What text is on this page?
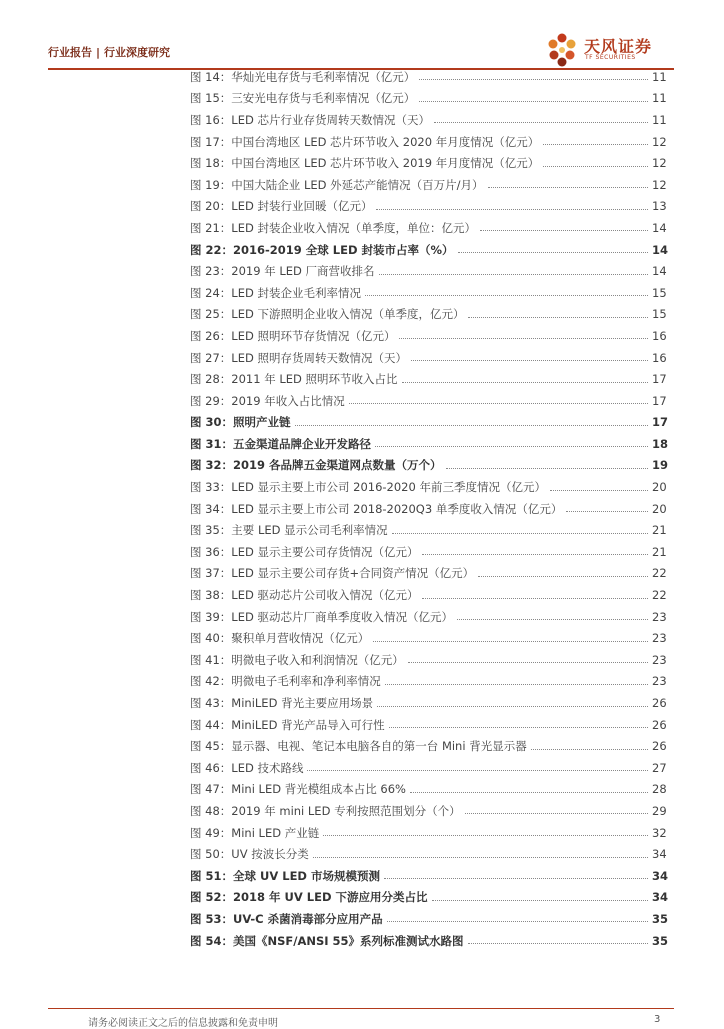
行业报告 | 行业深度研究	天风证券
TF SECURITIES
图 14：华灿光电存货与毛利率情况（亿元）	11
图 15：三安光电存货与毛利率情况（亿元）	11
图 16：LED 芯片行业存货周转天数情况（天）	11
图 17：中国台湾地区 LED 芯片环节收入 2020 年月度情况（亿元）	12
图 18：中国台湾地区 LED 芯片环节收入 2019 年月度情况（亿元）	12
图 19：中国大陆企业 LED 外延芯产能情况（百万片/月）	12
图 20：LED 封装行业回暖（亿元）	13
图 21：LED 封装企业收入情况（单季度，单位：亿元）	14
图 22：2016-2019 全球 LED 封装市占率（%）	14
图 23：2019 年 LED 厂商营收排名	14
图 24：LED 封装企业毛利率情况	15
图 25：LED 下游照明企业收入情况（单季度，亿元）	15
图 26：LED 照明环节存货情况（亿元）	16
图 27：LED 照明存货周转天数情况（天）	16
图 28：2011 年 LED 照明环节收入占比	17
图 29：2019 年收入占比情况	17
图 30：照明产业链	17
图 31：五金渠道品牌企业开发路径	18
图 32：2019 各品牌五金渠道网点数量（万个）	19
图 33：LED 显示主要上市公司 2016-2020 年前三季度情况（亿元）	20
图 34：LED 显示主要上市公司 2018-2020Q3 单季度收入情况（亿元）	20
图 35：主要 LED 显示公司毛利率情况	21
图 36：LED 显示主要公司存货情况（亿元）	21
图 37：LED 显示主要公司存货+合同资产情况（亿元）	22
图 38：LED 驱动芯片公司收入情况（亿元）	22
图 39：LED 驱动芯片厂商单季度收入情况（亿元）	23
图 40：聚积单月营收情况（亿元）	23
图 41：明微电子收入和利润情况（亿元）	23
图 42：明微电子毛利率和净利率情况	23
图 43：MiniLED 背光主要应用场景	26
图 44：MiniLED 背光产品导入可行性	26
图 45：显示器、电视、笔记本电脑各自的第一台 Mini 背光显示器	26
图 46：LED 技术路线	27
图 47：Mini LED 背光模组成本占比 66%	28
图 48：2019 年 mini LED 专利按照范围划分（个）	29
图 49：Mini LED 产业链	32
图 50：UV 按波长分类	34
图 51：全球 UV LED 市场规模预测	34
图 52：2018 年 UV LED 下游应用分类占比	34
图 53：UV-C 杀菌消毒部分应用产品	35
图 54：美国《NSF/ANSI 55》系列标准测试水路图	35
请务必阅读正文之后的信息披露和免责申明	3
